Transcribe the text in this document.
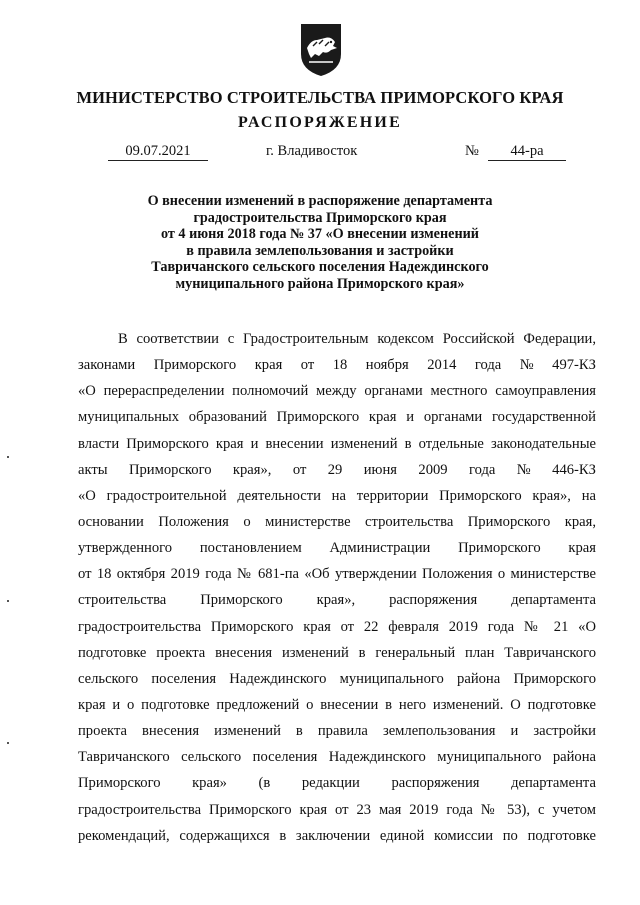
МИНИСТЕРСТВО СТРОИТЕЛЬСТВА ПРИМОРСКОГО КРАЯ
РАСПОРЯЖЕНИЕ
09.07.2021	г. Владивосток	№	44-ра
О внесении изменений в распоряжение департамента
градостроительства Приморского края
от 4 июня 2018 года № 37 «О внесении изменений
в правила землепользования и застройки
Тавричанского сельского поселения Надеждинского
муниципального района Приморского края»
В соответствии с Градостроительным кодексом Российской Федерации,
законами Приморского края от 18 ноября 2014 года № 497-КЗ
«О перераспределении полномочий между органами местного самоуправления
муниципальных образований Приморского края и органами государственной
власти Приморского края и внесении изменений в отдельные законодательные
акты Приморского края», от 29 июня 2009 года № 446-КЗ
«О градостроительной деятельности на территории Приморского края», на
основании Положения о министерстве строительства Приморского края,
утвержденного постановлением Администрации Приморского края
от 18 октября 2019 года № 681-па «Об утверждении Положения о министерстве
строительства Приморского края», распоряжения департамента
градостроительства Приморского края от 22 февраля 2019 года № 21 «О
подготовке проекта внесения изменений в генеральный план Тавричанского
сельского поселения Надеждинского муниципального района Приморского
края и о подготовке предложений о внесении в него изменений. О подготовке
проекта внесения изменений в правила землепользования и застройки
Тавричанского сельского поселения Надеждинского муниципального района
Приморского края» (в редакции распоряжения департамента
градостроительства Приморского края от 23 мая 2019 года № 53), с учетом
рекомендаций, содержащихся в заключении единой комиссии по подготовке
